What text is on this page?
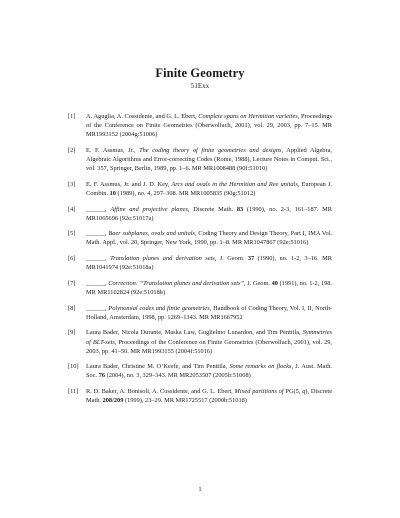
Finite Geometry
51Exx
[1] A. Aguglia, A. Cossidente, and G. L. Ebert, Complete spans on Hermitian varieties, Proceedings of the Conference on Finite Geometries (Oberwolfach, 2001), vol. 29, 2003, pp. 7–15. MR MR1993152 (2004g:51006)
[2] E. F. Assmus, Jr., The coding theory of finite geometries and designs, Applied Algebra, Algebraic Algorithms and Error-correcting Codes (Rome, 1988), Lecture Notes in Comput. Sci., vol. 357, Springer, Berlin, 1989, pp. 1–6. MR MR1008488 (90f:51010)
[3] E. F. Assmus, Jr. and J. D. Key, Arcs and ovals in the Hermitian and Ree unitals, European J. Combin. 10 (1989), no. 4, 297–308. MR MR1005835 (90g:51012)
[4] ______, Affine and projective planes, Discrete Math. 83 (1990), no. 2-3, 161–187. MR MR1065696 (92e:51017a)
[5] ______, Baer subplanes, ovals and unitals, Coding Theory and Design Theory, Part I, IMA Vol. Math. Appl., vol. 20, Springer, New York, 1990, pp. 1–8. MR MR1047867 (92e:51016)
[6] ______, Translation planes and derivation sets, J. Geom. 37 (1990), no. 1-2, 3–16. MR MR1041974 (92e:51018a)
[7] ______, Correction: “Translation planes and derivation sets”, J. Geom. 40 (1991), no. 1-2, 198. MR MR1102824 (92e:51018b)
[8] ______, Polynomial codes and finite geometries, Handbook of Coding Theory, Vol. I, II, North-Holland, Amsterdam, 1998, pp. 1269–1343. MR MR1667952
[9] Laura Bader, Nicola Durante, Maska Law, Guglielmo Lunardon, and Tim Penttila, Symmetries of BLT-sets, Proceedings of the Conference on Finite Geometries (Oberwolfach, 2001), vol. 29, 2003, pp. 41–50. MR MR1993155 (2004f:51016)
[10] Laura Bader, Christine M. O’Keefe, and Tim Penttila, Some remarks on flocks, J. Aust. Math. Soc. 76 (2004), no. 3, 329–343. MR MR2053507 (2005b:51008)
[11] R. D. Baker, A. Bonisoli, A. Cossidente, and G. L. Ebert, Mixed partitions of PG(5, q), Discrete Math. 208/209 (1999), 23–29. MR MR1725517 (2000h:51018)
1
